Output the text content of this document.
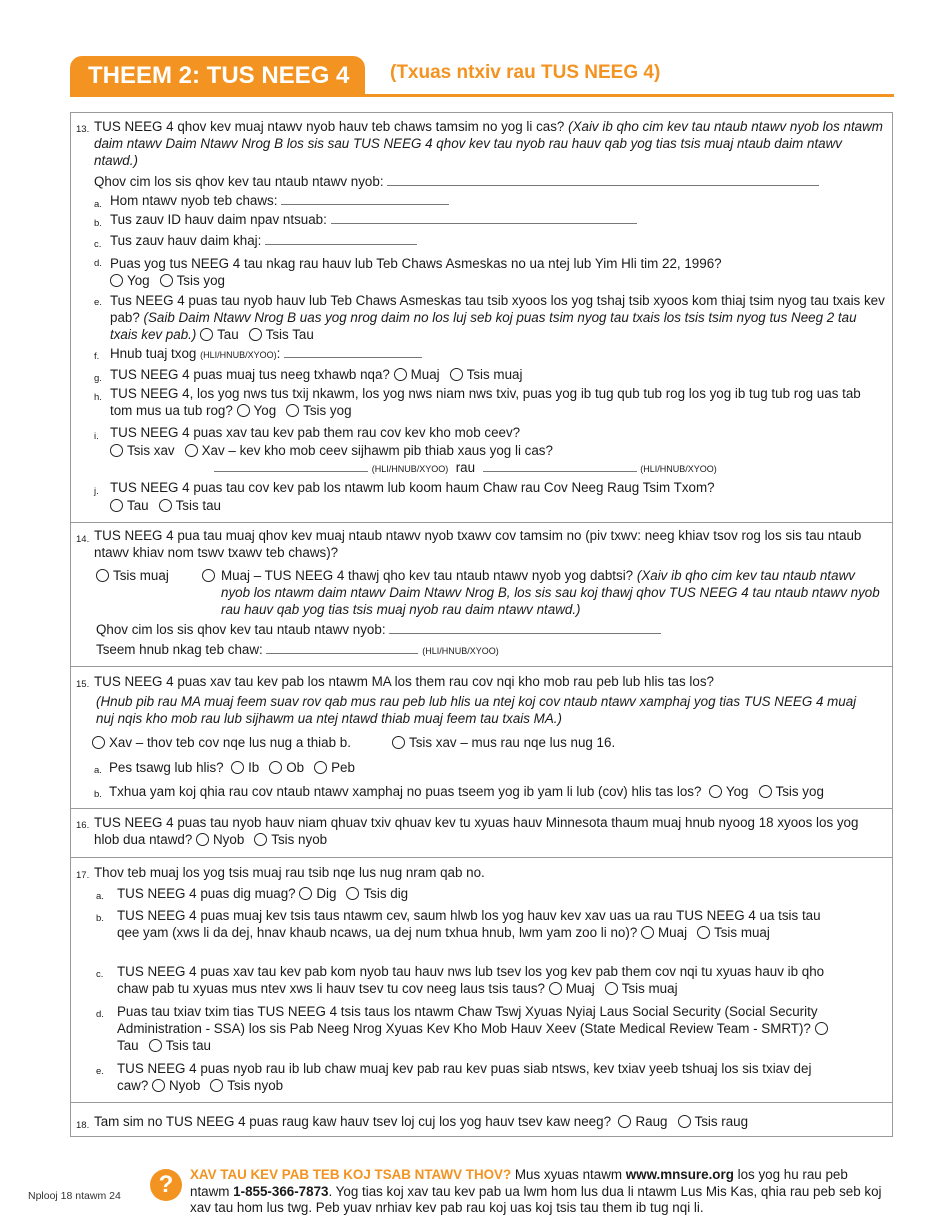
THEEM 2: TUS NEEG 4	(Txuas ntxiv rau TUS NEEG 4)
13. TUS NEEG 4 qhov kev muaj ntawv nyob hauv teb chaws tamsim no yog li cas? (Xaiv ib qho cim kev tau ntaub ntawv nyob los ntawm daim ntawv Daim Ntawv Nrog B los sis sau TUS NEEG 4 qhov kev tau nyob rau hauv qab yog tias tsis muaj ntaub daim ntawv ntawd.)
Qhov cim los sis qhov kev tau ntaub ntawv nyob:
a. Hom ntawv nyob teb chaws:
b. Tus zauv ID hauv daim npav ntsuab:
c. Tus zauv hauv daim khaj:
d. Puas yog tus NEEG 4 tau nkag rau hauv lub Teb Chaws Asmeskas no ua ntej lub Yim Hli tim 22, 1996?
Yog Tsis yog
e. Tus NEEG 4 puas tau nyob hauv lub Teb Chaws Asmeskas tau tsib xyoos los yog tshaj tsib xyoos kom thiaj tsim nyog tau txais kev pab? (Saib Daim Ntawv Nrog B uas yog nrog daim no los luj seb koj puas tsim nyog tau txais los tsis tsim nyog tus Neeg 2 tau txais kev pab.) Tau Tsis Tau
f. Hnub tuaj txog (HLI/HNUB/XYOO):
g. TUS NEEG 4 puas muaj tus neeg txhawb nqa? Muaj Tsis muaj
h. TUS NEEG 4, los yog nws tus txij nkawm, los yog nws niam nws txiv, puas yog ib tug qub tub rog los yog ib tug tub rog uas tab tom mus ua tub rog? Yog Tsis yog
i. TUS NEEG 4 puas xav tau kev pab them rau cov kev kho mob ceev?
Tsis xav Xav – kev kho mob ceev sijhawm pib thiab xaus yog li cas?
(HLI/HNUB/XYOO) rau	(HLI/HNUB/XYOO)
j. TUS NEEG 4 puas tau cov kev pab los ntawm lub koom haum Chaw rau Cov Neeg Raug Tsim Txom?
Tau Tsis tau
14. TUS NEEG 4 pua tau muaj qhov kev muaj ntaub ntawv nyob txawv cov tamsim no (piv txwv: neeg khiav tsov rog los sis tau ntaub ntawv khiav nom tswv txawv teb chaws)?
Tsis muaj	Muaj – TUS NEEG 4 thawj qho kev tau ntaub ntawv nyob yog dabtsi? (Xaiv ib qho cim kev tau ntaub ntawv nyob los ntawm daim ntawv Daim Ntawv Nrog B, los sis sau koj thawj qhov TUS NEEG 4 tau ntaub ntawv nyob rau hauv qab yog tias tsis muaj nyob rau daim ntawv ntawd.)
Qhov cim los sis qhov kev tau ntaub ntawv nyob:
Tseem hnub nkag teb chaw:	(HLI/HNUB/XYOO)
15. TUS NEEG 4 puas xav tau kev pab los ntawm MA los them rau cov nqi kho mob rau peb lub hlis tas los?
(Hnub pib rau MA muaj feem suav rov qab mus rau peb lub hlis ua ntej koj cov ntaub ntawv xamphaj yog tias TUS NEEG 4 muaj nuj nqis kho mob rau lub sijhawm ua ntej ntawd thiab muaj feem tau txais MA.)
Xav – thov teb cov nqe lus nug a thiab b.	Tsis xav – mus rau nqe lus nug 16.
a. Pes tsawg lub hlis? Ib Ob Peb
b. Txhua yam koj qhia rau cov ntaub ntawv xamphaj no puas tseem yog ib yam li lub (cov) hlis tas los? Yog Tsis yog
16. TUS NEEG 4 puas tau nyob hauv niam qhuav txiv qhuav kev tu xyuas hauv Minnesota thaum muaj hnub nyoog 18 xyoos los yog hlob dua ntawd? Nyob Tsis nyob
17. Thov teb muaj los yog tsis muaj rau tsib nqe lus nug nram qab no.
a. TUS NEEG 4 puas dig muag? Dig Tsis dig
b. TUS NEEG 4 puas muaj kev tsis taus ntawm cev, saum hlwb los yog hauv kev xav uas ua rau TUS NEEG 4 ua tsis tau qee yam (xws li da dej, hnav khaub ncaws, ua dej num txhua hnub, lwm yam zoo li no)? Muaj Tsis muaj
c. TUS NEEG 4 puas xav tau kev pab kom nyob tau hauv nws lub tsev los yog kev pab them cov nqi tu xyuas hauv ib qho chaw pab tu xyuas mus ntev xws li hauv tsev tu cov neeg laus tsis taus? Muaj Tsis muaj
d. Puas tau txiav txim tias TUS NEEG 4 tsis taus los ntawm Chaw Tswj Xyuas Nyiaj Laus Social Security (Social Security Administration - SSA) los sis Pab Neeg Nrog Xyuas Kev Kho Mob Hauv Xeev (State Medical Review Team - SMRT)? Tau Tsis tau
e. TUS NEEG 4 puas nyob rau ib lub chaw muaj kev pab rau kev puas siab ntsws, kev txiav yeeb tshuaj los sis txiav dej caw? Nyob Tsis nyob
18. Tam sim no TUS NEEG 4 puas raug kaw hauv tsev loj cuj los yog hauv tsev kaw neeg? Raug Tsis raug
Nplooj 18 ntawm 24	?	XAV TAU KEV PAB TEB KOJ TSAB NTAWV THOV? Mus xyuas ntawm www.mnsure.org los yog hu rau peb ntawm 1-855-366-7873. Yog tias koj xav tau kev pab ua lwm hom lus dua li ntawm Lus Mis Kas, qhia rau peb seb koj xav tau hom lus twg. Peb yuav nrhiav kev pab rau koj uas koj tsis tau them ib tug nqi li.
